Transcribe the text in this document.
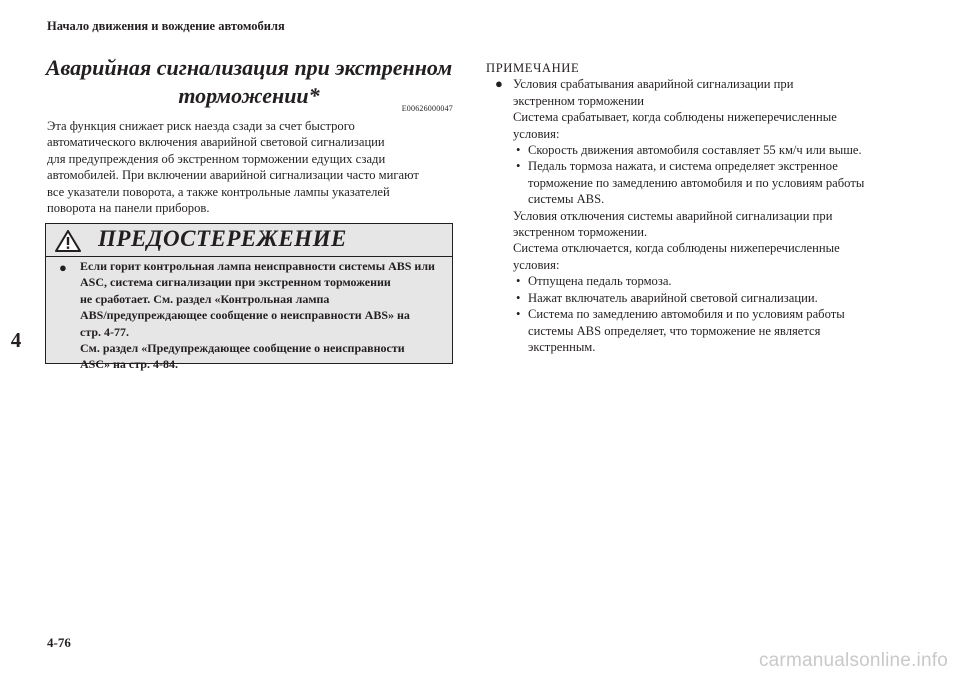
Начало движения и вождение автомобиля
Аварийная сигнализация при экстренном
торможении*
E00626000047
Эта функция снижает риск наезда сзади за счет быстрого
автоматического включения аварийной световой сигнализации
для предупреждения об экстренном торможении едущих сзади
автомобилей. При включении аварийной сигнализации часто мигают
все указатели поворота, а также контрольные лампы указателей
поворота на панели приборов.
ПРЕДОСТЕРЕЖЕНИЕ
● Если горит контрольная лампа неисправности системы ABS или
ASC, система сигнализации при экстренном торможении
не сработает. См. раздел «Контрольная лампа
ABS/предупреждающее сообщение о неисправности ABS» на
стр. 4-77.
См. раздел «Предупреждающее сообщение о неисправности
ASC» на стр. 4-84.
ПРИМЕЧАНИЕ
● Условия срабатывания аварийной сигнализации при
экстренном торможении
Система срабатывает, когда соблюдены нижеперечисленные
условия:
• Скорость движения автомобиля составляет 55 км/ч или выше.
• Педаль тормоза нажата, и система определяет экстренное
торможение по замедлению автомобиля и по условиям работы
системы ABS.
Условия отключения системы аварийной сигнализации при
экстренном торможении.
Система отключается, когда соблюдены нижеперечисленные
условия:
• Отпущена педаль тормоза.
• Нажат включатель аварийной световой сигнализации.
• Система по замедлению автомобиля и по условиям работы
системы ABS определяет, что торможение не является
экстренным.
4
4-76
carmanualsonline.info
